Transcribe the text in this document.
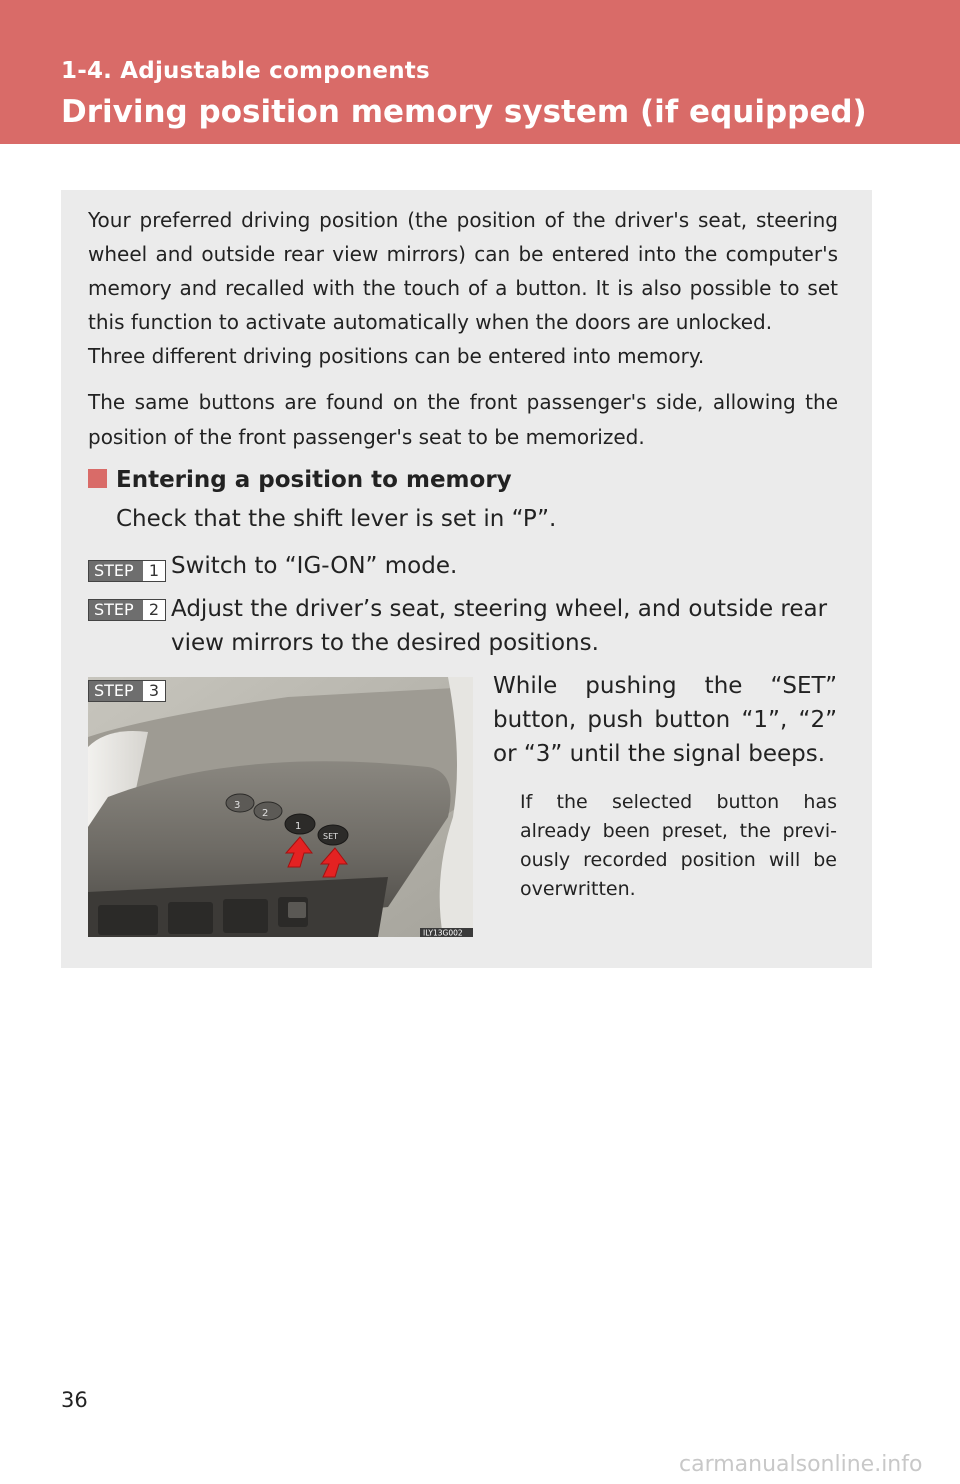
1-4. Adjustable components
Driving position memory system (if equipped)

Your preferred driving position (the position of the driver's seat, steering wheel and outside rear view mirrors) can be entered into the computer's memory and recalled with the touch of a button. It is also possible to set this function to activate automatically when the doors are unlocked.

Three different driving positions can be entered into memory.

The same buttons are found on the front passenger's side, allowing the position of the front passenger's seat to be memorized.
Entering a position to memory
Check that the shift lever is set in “P”.
STEP 1 Switch to “IG-ON” mode.
STEP 2 Adjust the driver’s seat, steering wheel, and outside rear view mirrors to the desired positions.
3
2
1
SET
ILY13G002
STEP 3	While pushing the “SET” button, push button “1”, “2” or “3” until the signal beeps.
If the selected button has already been preset, the previ-ously recorded position will be overwritten.
36
carmanualsonline.info
